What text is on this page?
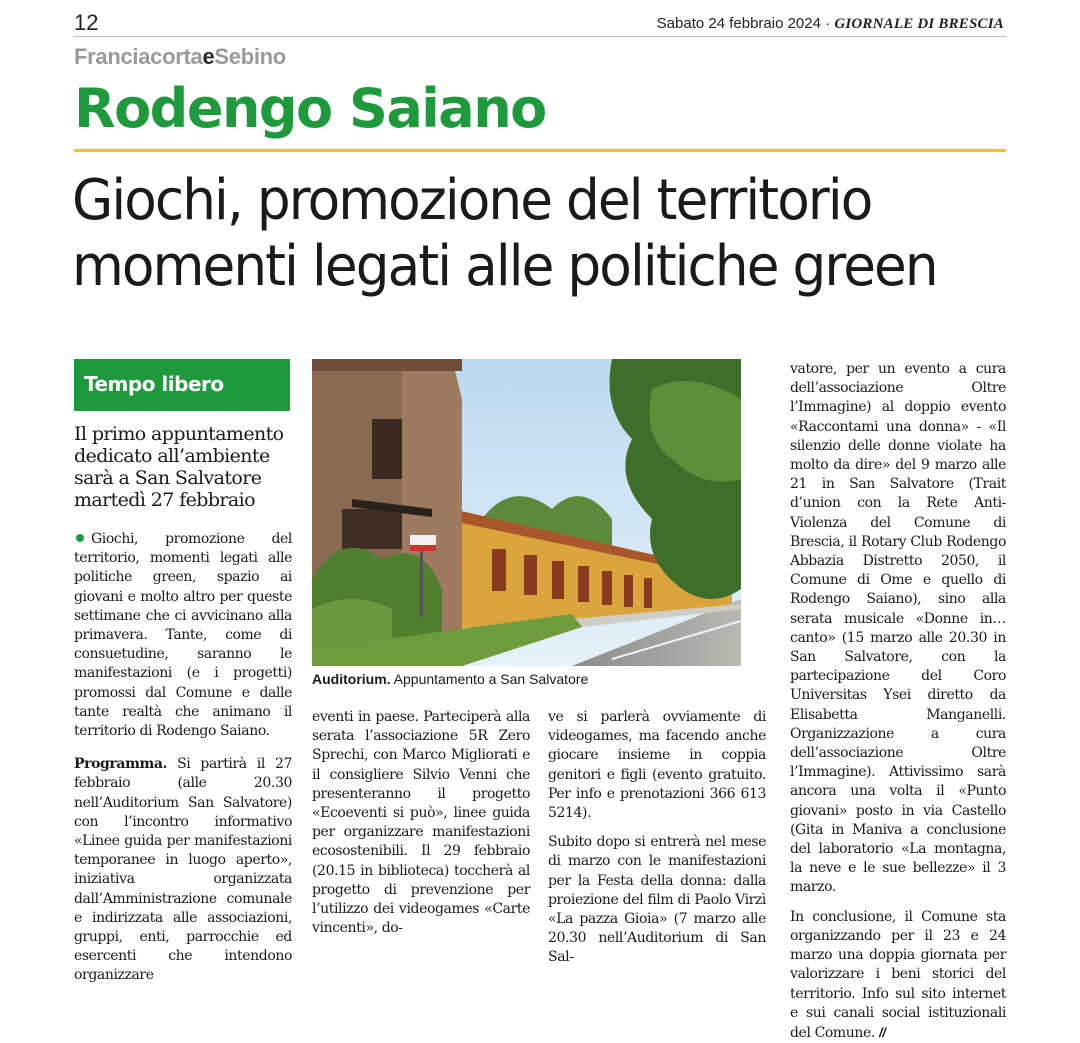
12	Sabato 24 febbraio 2024 · GIORNALE DI BRESCIA
FranciacortaeSebino
Rodengo Saiano
Giochi, promozione del territorio
momenti legati alle politiche green
Tempo libero
Il primo appuntamento dedicato all’ambiente sarà a San Salvatore martedì 27 febbraio

Giochi, promozione del territorio, momenti legati alle politiche green, spazio ai giovani e molto altro per queste settimane che ci avvicinano alla primavera. Tante, come di consuetudine, saranno le manifestazioni (e i progetti) promossi dal Comune e dalle tante realtà che animano il territorio di Rodengo Saiano.

Programma. Si partirà il 27 febbraio (alle 20.30 nell’Auditorium San Salvatore) con l’incontro informativo «Linee guida per manifestazioni temporanee in luogo aperto», iniziativa organizzata dall’Amministrazione comunale e indirizzata alle associazioni, gruppi, enti, parrocchie ed esercenti che intendono organizzare

Auditorium. Appuntamento a San Salvatore

eventi in paese. Parteciperà alla serata l’associazione 5R Zero Sprechi, con Marco Migliorati e il consigliere Silvio Venni che presenteranno il progetto «Ecoeventi si può», linee guida per organizzare manifestazioni ecosostenibili. Il 29 febbraio (20.15 in biblioteca) toccherà al progetto di prevenzione per l’utilizzo dei videogames «Carte vincenti», do-

ve si parlerà ovviamente di videogames, ma facendo anche giocare insieme in coppia genitori e figli (evento gratuito. Per info e prenotazioni 366 613 5214).

Subito dopo si entrerà nel mese di marzo con le manifestazioni per la Festa della donna: dalla proiezione del film di Paolo Virzì «La pazza Gioia» (7 marzo alle 20.30 nell’Auditorium di San Sal-

vatore, per un evento a cura dell’associazione Oltre l’Immagine) al doppio evento «Raccontami una donna» - «Il silenzio delle donne violate ha molto da dire» del 9 marzo alle 21 in San Salvatore (Trait d’union con la Rete Anti-Violenza del Comune di Brescia, il Rotary Club Rodengo Abbazia Distretto 2050, il Comune di Ome e quello di Rodengo Saiano), sino alla serata musicale «Donne in… canto» (15 marzo alle 20.30 in San Salvatore, con la partecipazione del Coro Universitas Ysei diretto da Elisabetta Manganelli. Organizzazione a cura dell’associazione Oltre l’Immagine). Attivissimo sarà ancora una volta il «Punto giovani» posto in via Castello (Gita in Maniva a conclusione del laboratorio «La montagna, la neve e le sue bellezze» il 3 marzo.

In conclusione, il Comune sta organizzando per il 23 e 24 marzo una doppia giornata per valorizzare i beni storici del territorio. Info sul sito internet e sui canali social istituzionali del Comune. //
